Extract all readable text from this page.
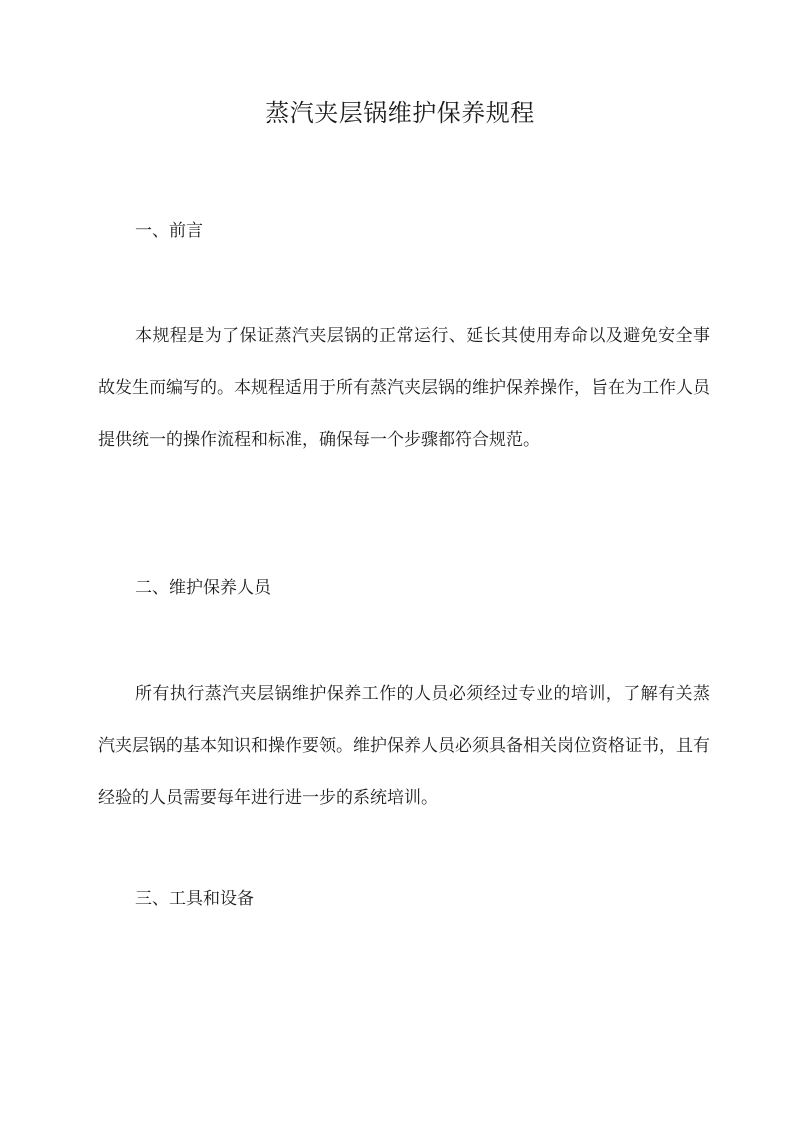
蒸汽夹层锅维护保养规程

一、前言

本规程是为了保证蒸汽夹层锅的正常运行、延长其使用寿命以及避免安全事故发生而编写的。本规程适用于所有蒸汽夹层锅的维护保养操作，旨在为工作人员提供统一的操作流程和标准，确保每一个步骤都符合规范。

二、维护保养人员

所有执行蒸汽夹层锅维护保养工作的人员必须经过专业的培训，了解有关蒸汽夹层锅的基本知识和操作要领。维护保养人员必须具备相关岗位资格证书，且有经验的人员需要每年进行进一步的系统培训。

三、工具和设备
